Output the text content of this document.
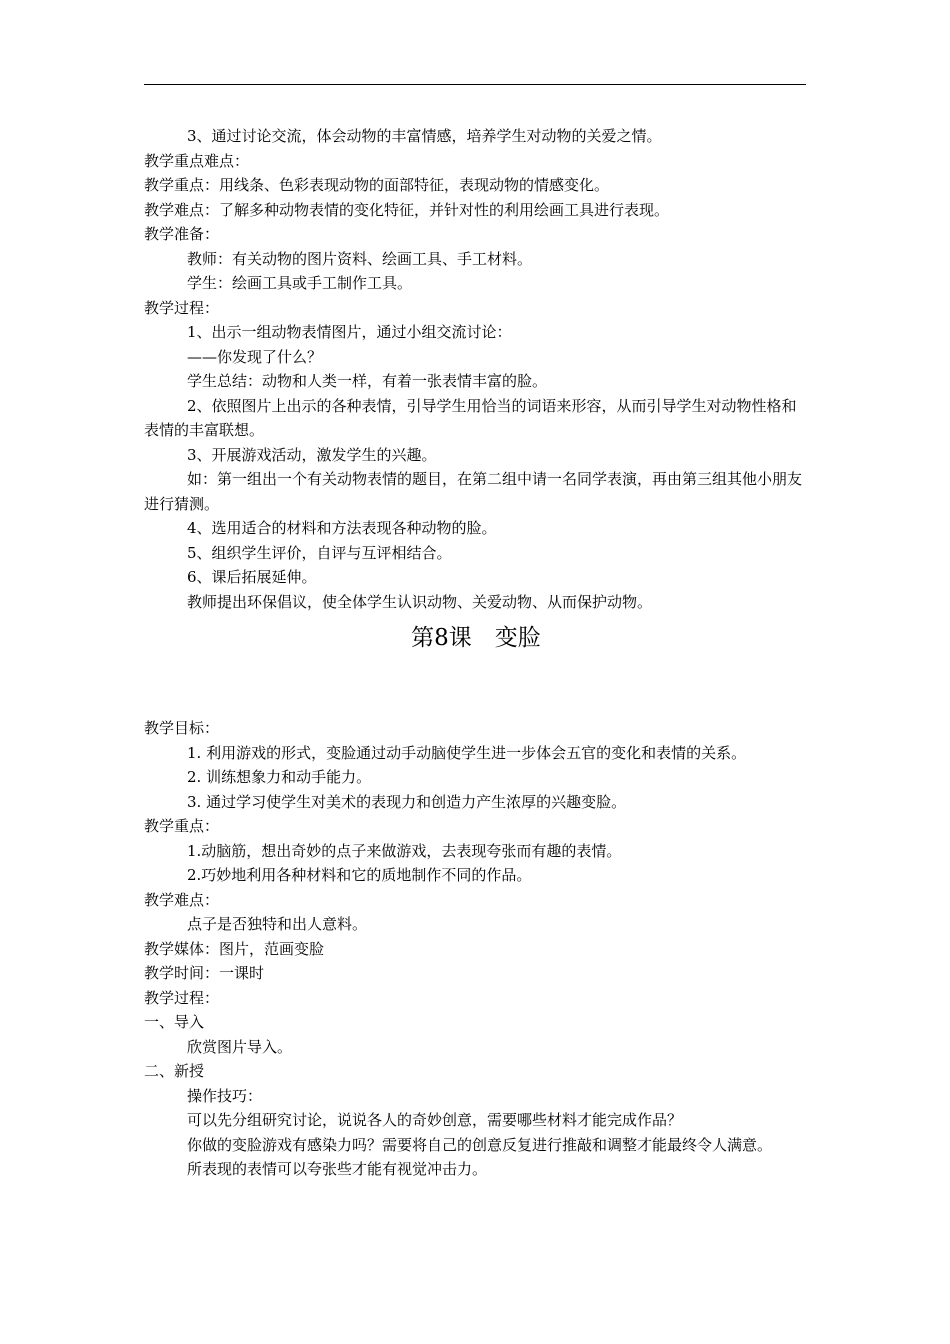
3、通过讨论交流，体会动物的丰富情感，培养学生对动物的关爱之情。
教学重点难点：
教学重点：用线条、色彩表现动物的面部特征，表现动物的情感变化。
教学难点：了解多种动物表情的变化特征，并针对性的利用绘画工具进行表现。
教学准备：
教师：有关动物的图片资料、绘画工具、手工材料。
学生：绘画工具或手工制作工具。
教学过程：
1、出示一组动物表情图片，通过小组交流讨论：
——你发现了什么？
学生总结：动物和人类一样，有着一张表情丰富的脸。
2、依照图片上出示的各种表情，引导学生用恰当的词语来形容，从而引导学生对动物性格和表情的丰富联想。
3、开展游戏活动，激发学生的兴趣。
如：第一组出一个有关动物表情的题目，在第二组中请一名同学表演，再由第三组其他小朋友进行猜测。
4、选用适合的材料和方法表现各种动物的脸。
5、组织学生评价，自评与互评相结合。
6、课后拓展延伸。
教师提出环保倡议，使全体学生认识动物、关爱动物、从而保护动物。
第8课　变脸
教学目标：
1. 利用游戏的形式，变脸通过动手动脑使学生进一步体会五官的变化和表情的关系。
2. 训练想象力和动手能力。
3. 通过学习使学生对美术的表现力和创造力产生浓厚的兴趣变脸。
教学重点：
1.动脑筋，想出奇妙的点子来做游戏，去表现夸张而有趣的表情。
2.巧妙地利用各种材料和它的质地制作不同的作品。
教学难点：
点子是否独特和出人意料。
教学媒体：图片，范画变脸
教学时间：一课时
教学过程：
一、导入
欣赏图片导入。
二、新授
操作技巧：
可以先分组研究讨论，说说各人的奇妙创意，需要哪些材料才能完成作品？
你做的变脸游戏有感染力吗？需要将自己的创意反复进行推敲和调整才能最终令人满意。
所表现的表情可以夸张些才能有视觉冲击力。
